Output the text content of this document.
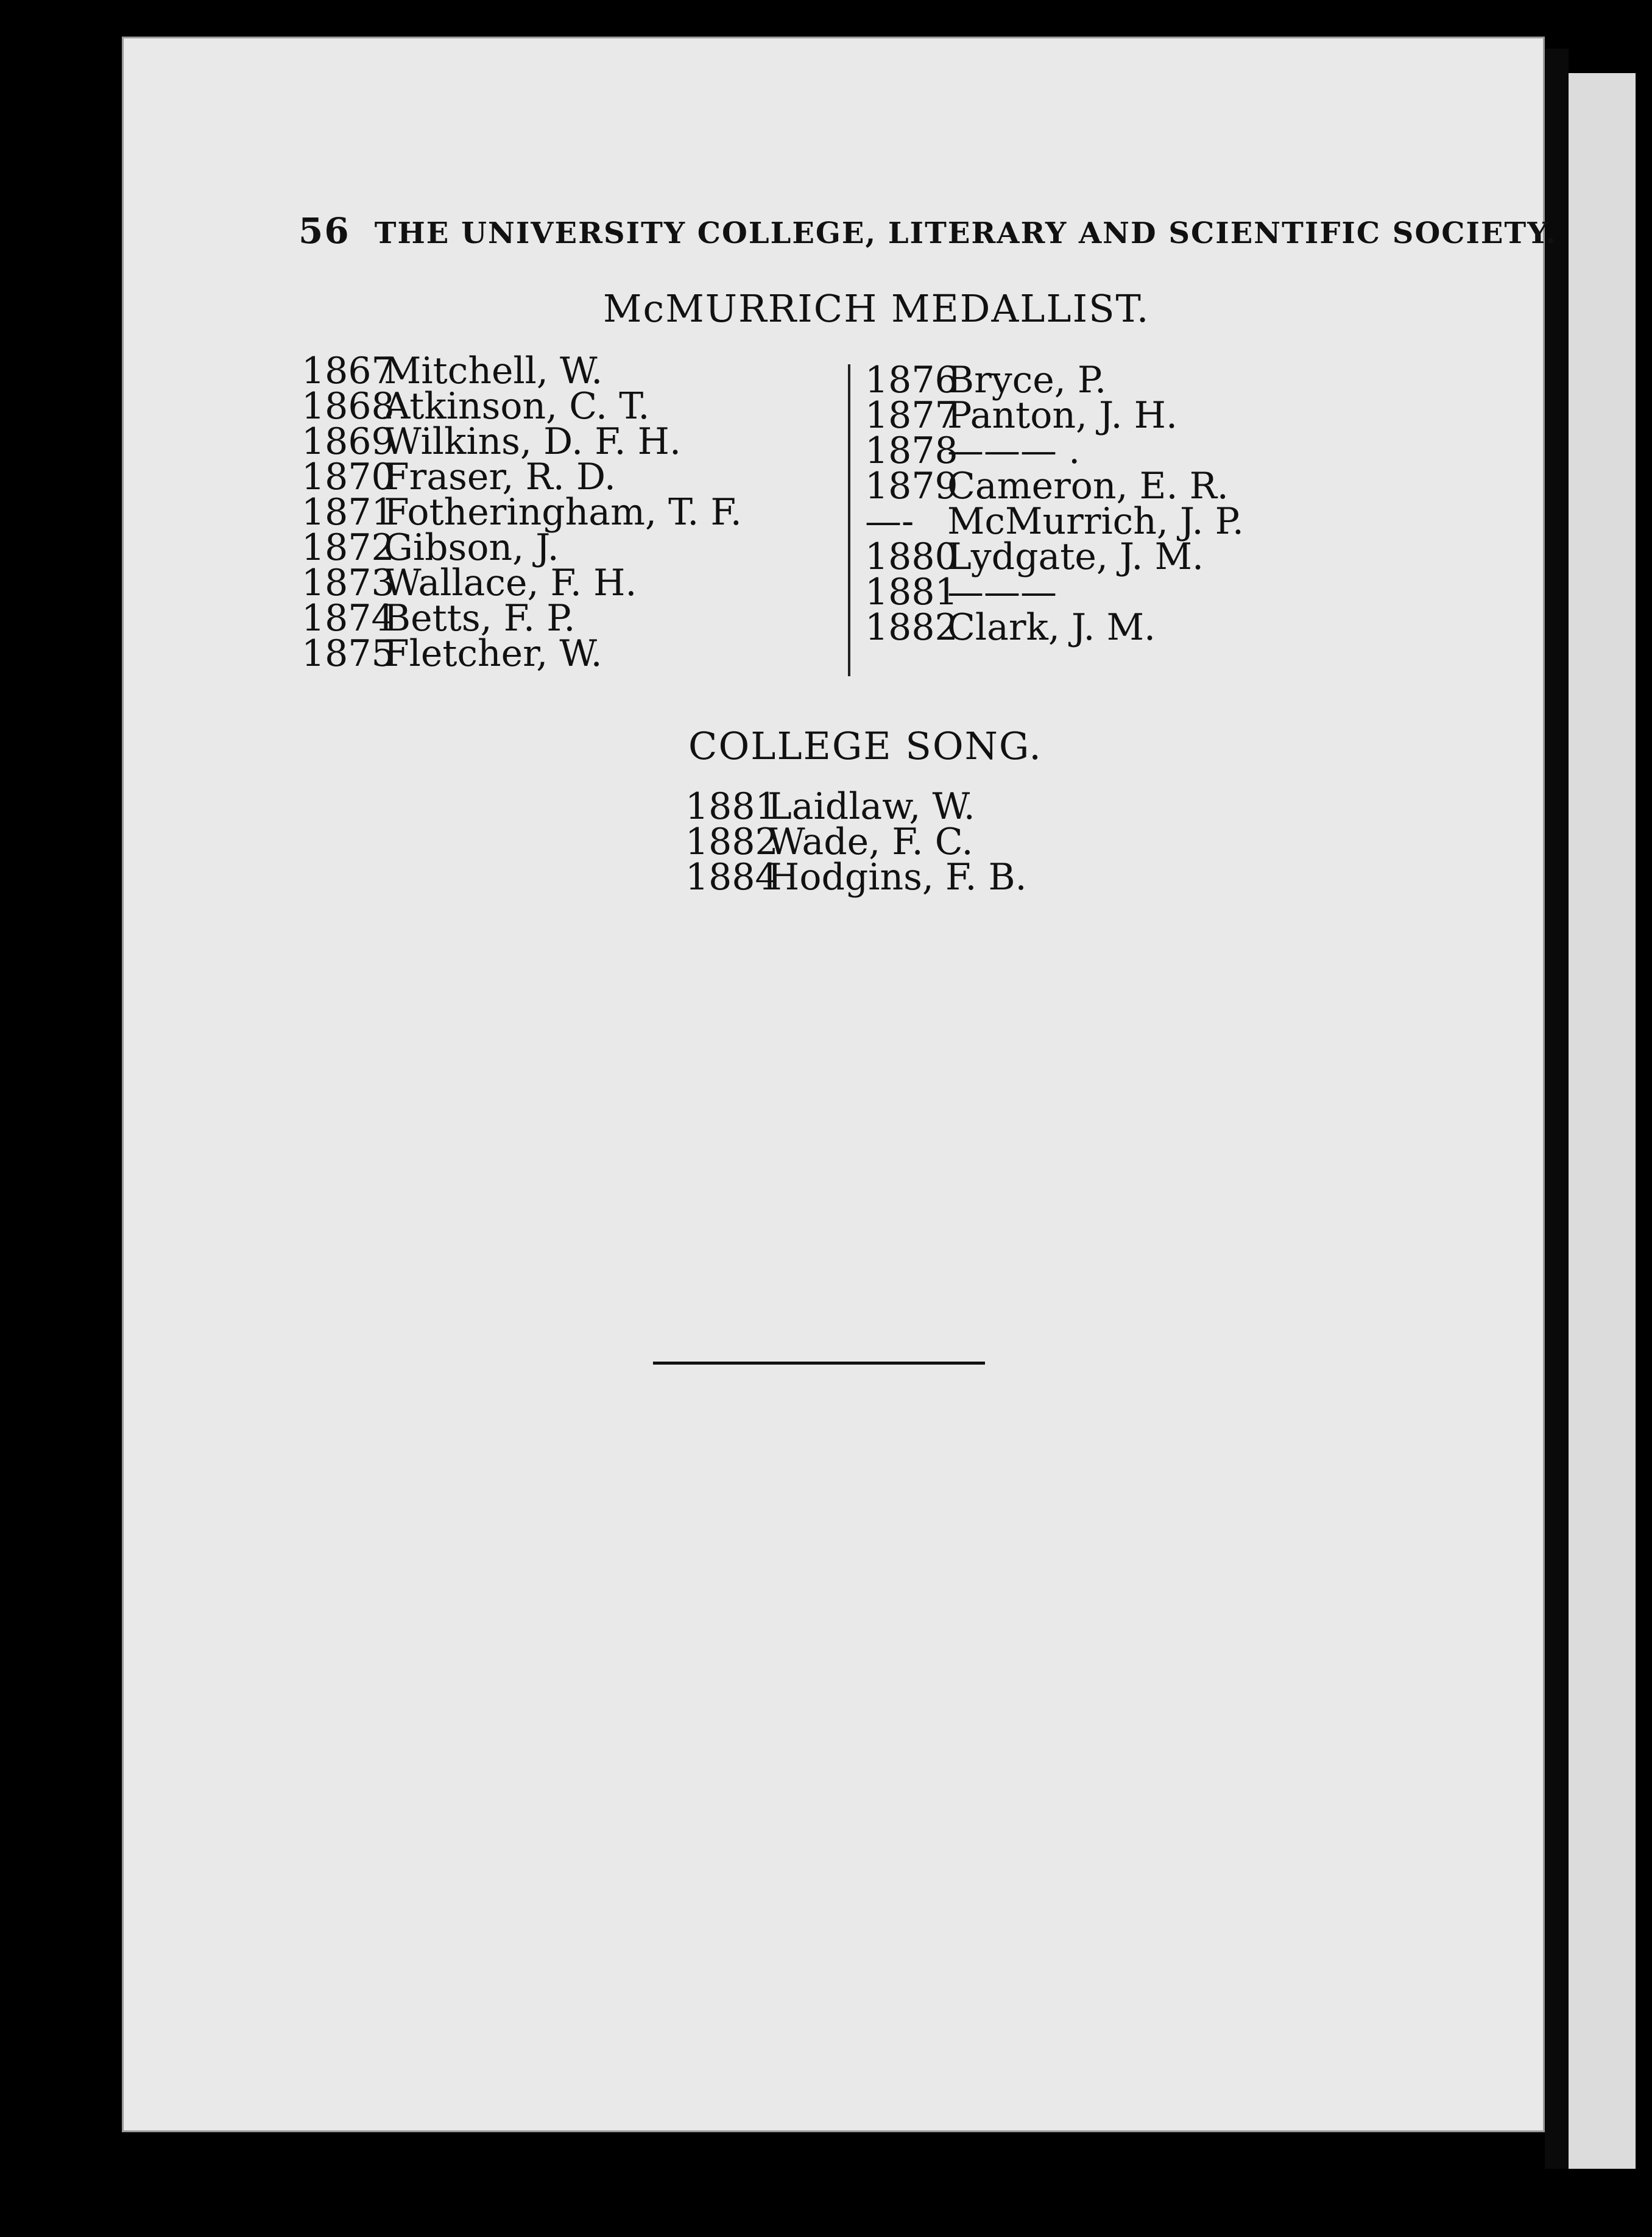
56 THE UNIVERSITY COLLEGE, LITERARY AND SCIENTIFIC SOCIETY.
McMURRICH MEDALLIST.
1867Mitchell, W.
1868Atkinson, C. T.
1869Wilkins, D. F. H.
1870Fraser, R. D.
1871Fotheringham, T. F.
1872Gibson, J.
1873Wallace, F. H.
1874Betts, F. P.
1875Fletcher, W.
1876Bryce, P.
1877Panton, J. H.
1878——— .
1879Cameron, E. R.
—- McMurrich, J. P.
1880Lydgate, J. M.
1881———
1882Clark, J. M.
COLLEGE SONG.
1881Laidlaw, W.
1882Wade, F. C.
1884Hodgins, F. B.
